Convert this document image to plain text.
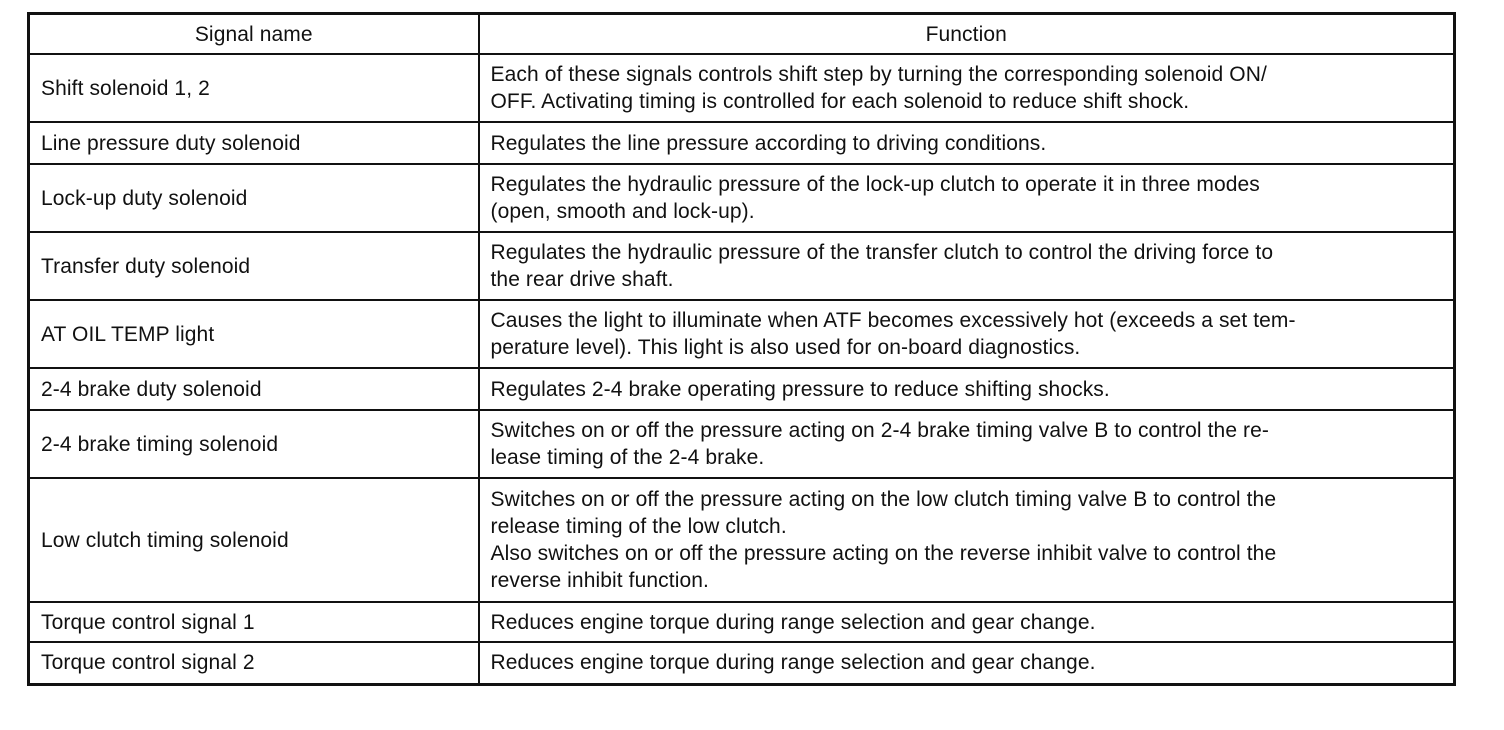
Signal name	Function
Shift solenoid 1, 2	Each of these signals controls shift step by turning the corresponding solenoid ON/
OFF. Activating timing is controlled for each solenoid to reduce shift shock.

Line pressure duty solenoid	Regulates the line pressure according to driving conditions.

Lock-up duty solenoid	Regulates the hydraulic pressure of the lock-up clutch to operate it in three modes
(open, smooth and lock-up).

Transfer duty solenoid	Regulates the hydraulic pressure of the transfer clutch to control the driving force to
the rear drive shaft.

AT OIL TEMP light	Causes the light to illuminate when ATF becomes excessively hot (exceeds a set tem-
perature level). This light is also used for on-board diagnostics.

2-4 brake duty solenoid	Regulates 2-4 brake operating pressure to reduce shifting shocks.

2-4 brake timing solenoid	Switches on or off the pressure acting on 2-4 brake timing valve B to control the re-
lease timing of the 2-4 brake.

Low clutch timing solenoid	Switches on or off the pressure acting on the low clutch timing valve B to control the
release timing of the low clutch.
Also switches on or off the pressure acting on the reverse inhibit valve to control the
reverse inhibit function.

Torque control signal 1	Reduces engine torque during range selection and gear change.

Torque control signal 2	Reduces engine torque during range selection and gear change.
